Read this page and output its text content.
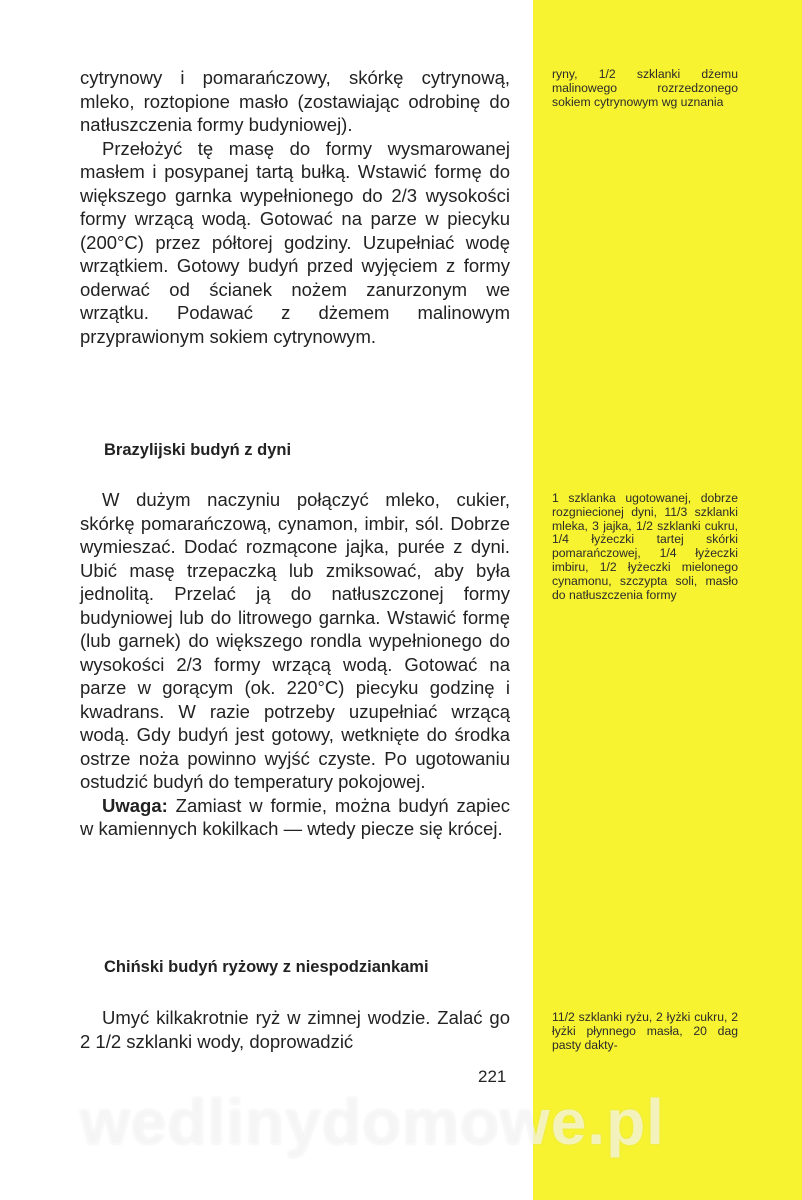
cytrynowy i pomarańczowy, skórkę cytrynową, mleko, roztopione masło (zostawiając odrobinę do natłuszczenia formy budyniowej).

Przełożyć tę masę do formy wysmarowanej masłem i posypanej tartą bułką. Wstawić formę do większego garnka wypełnionego do 2/3 wysokości formy wrzącą wodą. Gotować na parze w piecyku (200°C) przez półtorej godziny. Uzupełniać wodę wrzątkiem. Gotowy budyń przed wyjęciem z formy oderwać od ścianek nożem zanurzonym we wrzątku. Podawać z dżemem malinowym przyprawionym sokiem cytrynowym.

ryny, 1/2 szklanki dżemu malinowego rozrzedzonego sokiem cytrynowym wg uznania

Brazylijski budyń z dyni

W dużym naczyniu połączyć mleko, cukier, skórkę pomarańczową, cynamon, imbir, sól. Dobrze wymieszać. Dodać rozmącone jajka, purée z dyni. Ubić masę trzepaczką lub zmiksować, aby była jednolitą. Przelać ją do natłuszczonej formy budyniowej lub do litrowego garnka. Wstawić formę (lub garnek) do większego rondla wypełnionego do wysokości 2/3 formy wrzącą wodą. Gotować na parze w gorącym (ok. 220°C) piecyku godzinę i kwadrans. W razie potrzeby uzupełniać wrzącą wodą. Gdy budyń jest gotowy, wetknięte do środka ostrze noża powinno wyjść czyste. Po ugotowaniu ostudzić budyń do temperatury pokojowej.

Uwaga: Zamiast w formie, można budyń zapiec w kamiennych kokilkach — wtedy piecze się krócej.

1 szklanka ugotowanej, dobrze rozgniecionej dyni, 11/3 szklanki mleka, 3 jajka, 1/2 szklanki cukru, 1/4 łyżeczki tartej skórki pomarańczowej, 1/4 łyżeczki imbiru, 1/2 łyżeczki mielonego cynamonu, szczypta soli, masło do natłuszczenia formy

Chiński budyń ryżowy z niespodziankami

Umyć kilkakrotnie ryż w zimnej wodzie. Zalać go 2 1/2 szklanki wody, doprowadzić

11/2 szklanki ryżu, 2 łyżki cukru, 2 łyżki płynnego masła, 20 dag pasty dakty-

221

wedlinydomowe.pl
